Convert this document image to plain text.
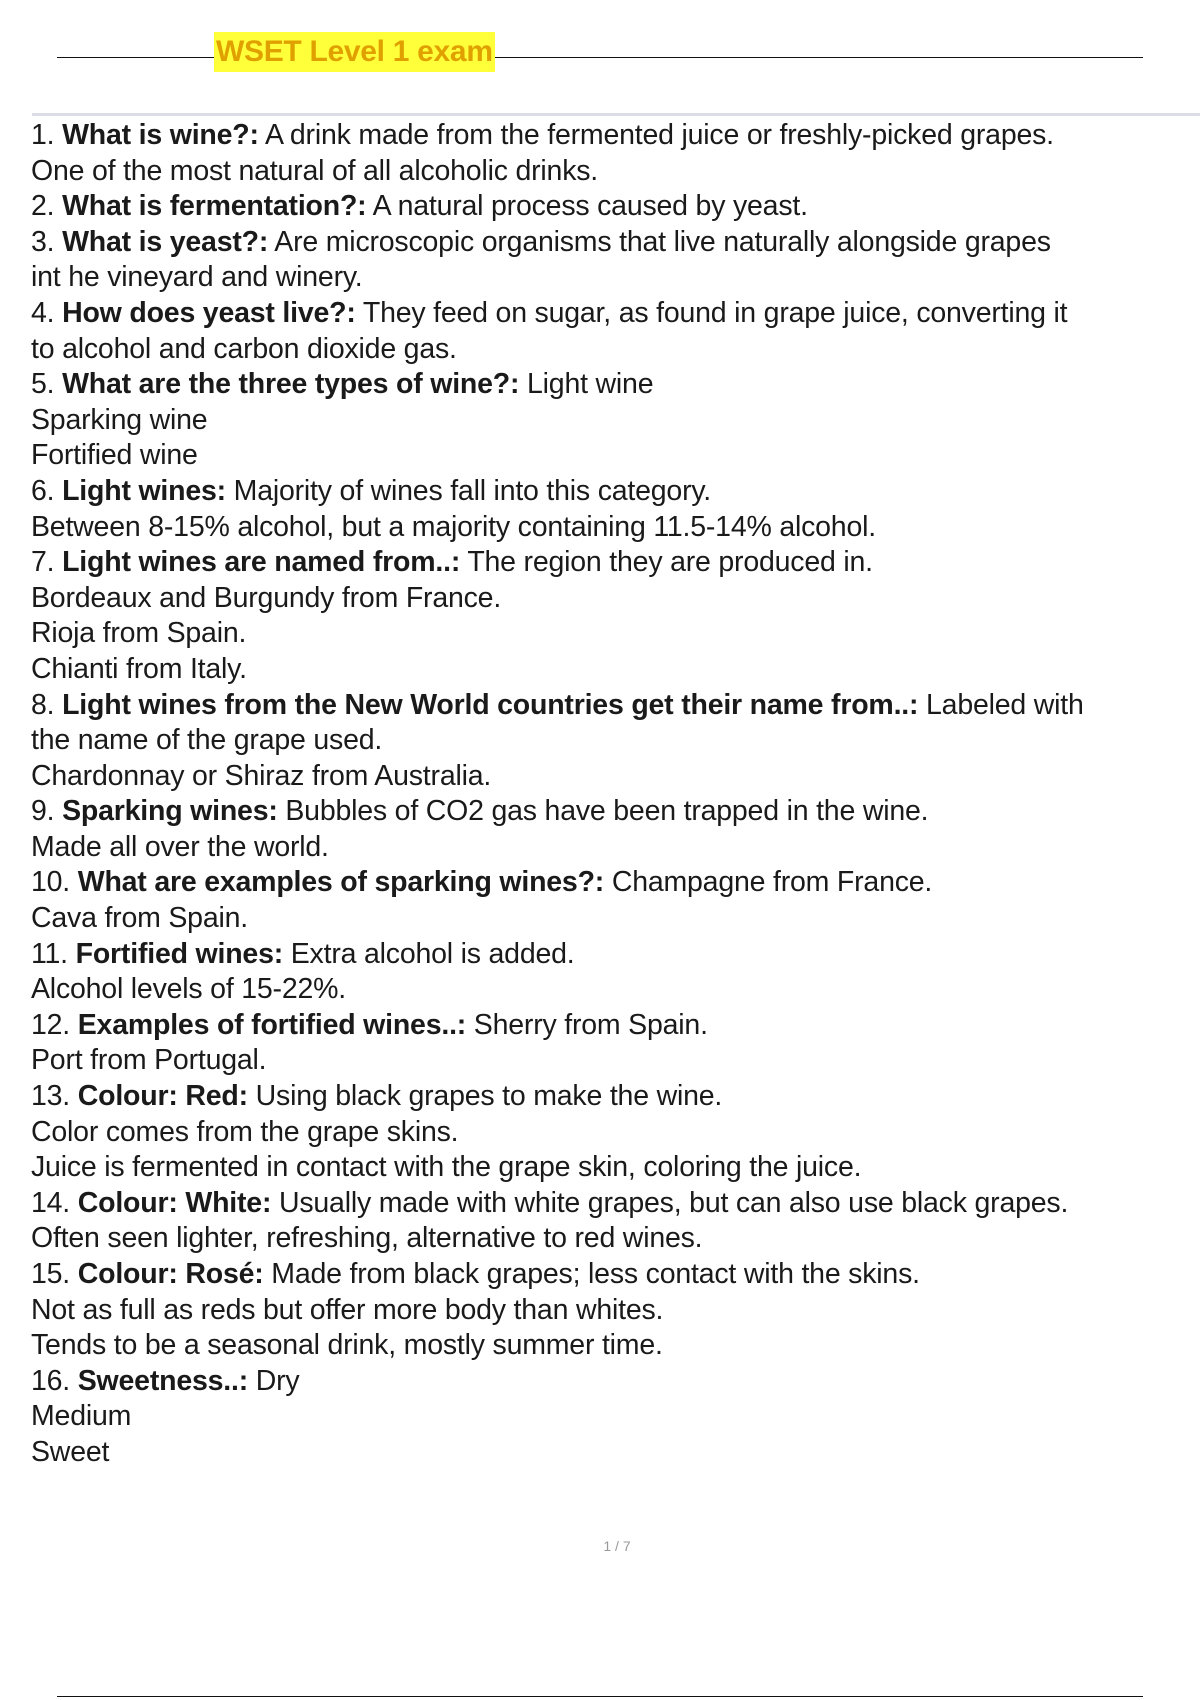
WSET Level 1 exam
1. What is wine?: A drink made from the fermented juice or freshly-picked grapes.
One of the most natural of all alcoholic drinks.
2. What is fermentation?: A natural process caused by yeast.
3. What is yeast?: Are microscopic organisms that live naturally alongside grapes
int he vineyard and winery.
4. How does yeast live?: They feed on sugar, as found in grape juice, converting it
to alcohol and carbon dioxide gas.
5. What are the three types of wine?: Light wine
Sparking wine
Fortified wine
6. Light wines: Majority of wines fall into this category.
Between 8-15% alcohol, but a majority containing 11.5-14% alcohol.
7. Light wines are named from..: The region they are produced in.
Bordeaux and Burgundy from France.
Rioja from Spain.
Chianti from Italy.
8. Light wines from the New World countries get their name from..: Labeled with
the name of the grape used.
Chardonnay or Shiraz from Australia.
9. Sparking wines: Bubbles of CO2 gas have been trapped in the wine.
Made all over the world.
10. What are examples of sparking wines?: Champagne from France.
Cava from Spain.
11. Fortified wines: Extra alcohol is added.
Alcohol levels of 15-22%.
12. Examples of fortified wines..: Sherry from Spain.
Port from Portugal.
13. Colour: Red: Using black grapes to make the wine.
Color comes from the grape skins.
Juice is fermented in contact with the grape skin, coloring the juice.
14. Colour: White: Usually made with white grapes, but can also use black grapes.
Often seen lighter, refreshing, alternative to red wines.
15. Colour: Rosé: Made from black grapes; less contact with the skins.
Not as full as reds but offer more body than whites.
Tends to be a seasonal drink, mostly summer time.
16. Sweetness..: Dry
Medium
Sweet
1 / 7
